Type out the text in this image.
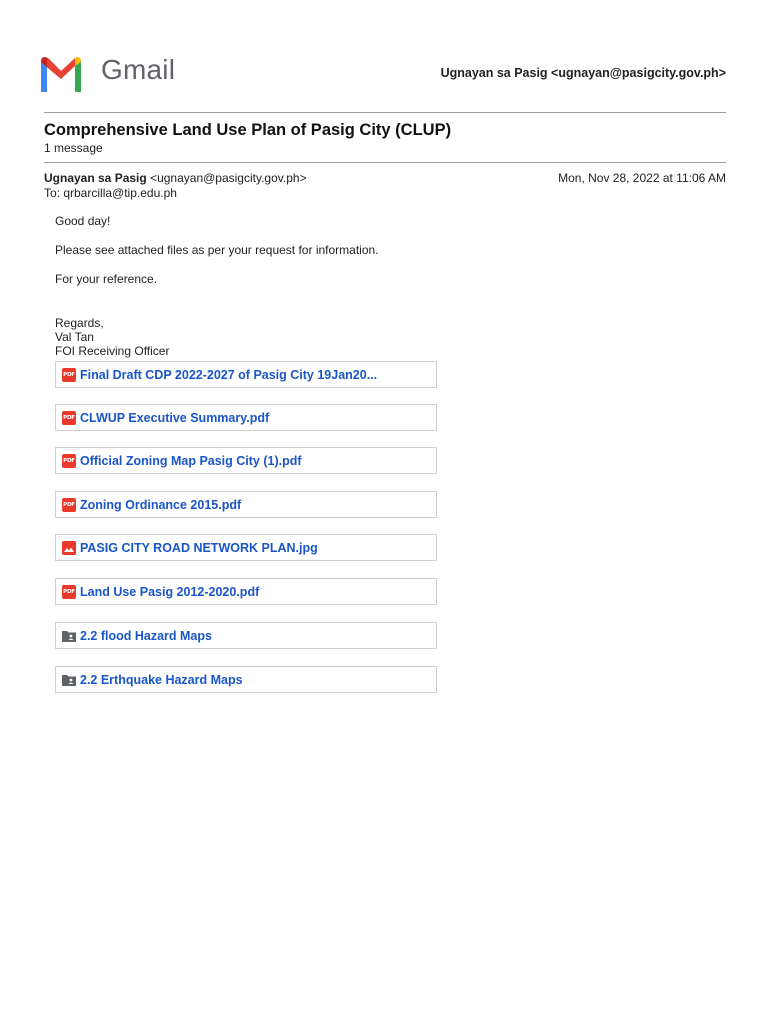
Gmail	Ugnayan sa Pasig <ugnayan@pasigcity.gov.ph>
Comprehensive Land Use Plan of Pasig City (CLUP)
1 message
Ugnayan sa Pasig <ugnayan@pasigcity.gov.ph>
To: qrbarcilla@tip.edu.ph
Mon, Nov 28, 2022 at 11:06 AM
Good day!
Please see attached files as per your request for information.
For your reference.
Regards,
Val Tan
FOI Receiving Officer
PDF Final Draft CDP 2022-2027 of Pasig City 19Jan20...
PDF CLWUP Executive Summary.pdf
PDF Official Zoning Map Pasig City (1).pdf
PDF Zoning Ordinance 2015.pdf
PASIG CITY ROAD NETWORK PLAN.jpg
PDF Land Use Pasig 2012-2020.pdf
2.2 flood Hazard Maps
2.2 Erthquake Hazard Maps
